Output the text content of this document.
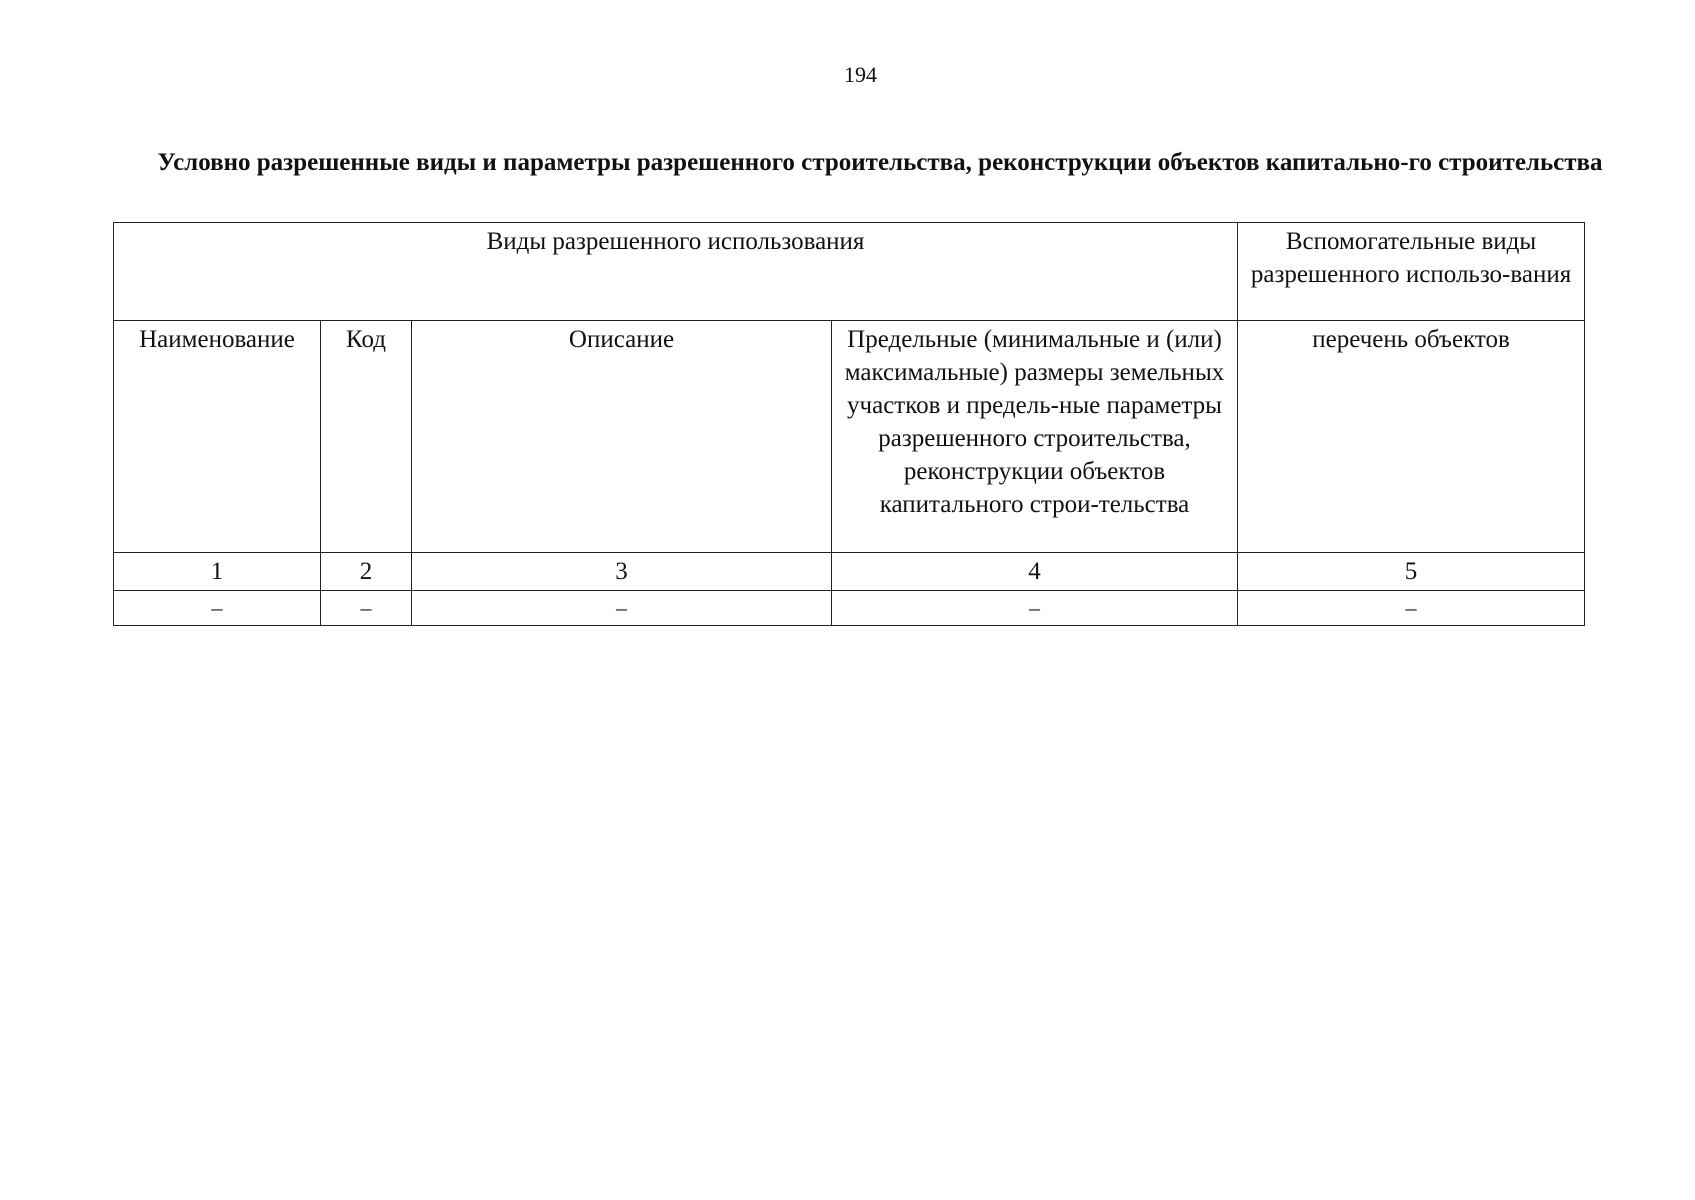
194
Условно разрешенные виды и параметры разрешенного строительства, реконструкции объектов капитально-го строительства
Виды разрешенного использования				Вспомогательные виды разрешенного использо-вания
Наименование	Код	Описание	Предельные (минимальные и (или) максимальные) размеры земельных участков и предель-ные параметры разрешенного строительства, реконструкции объектов капитального строи-тельства	перечень объектов
1	2	3	4	5
–	–	–	–	–
